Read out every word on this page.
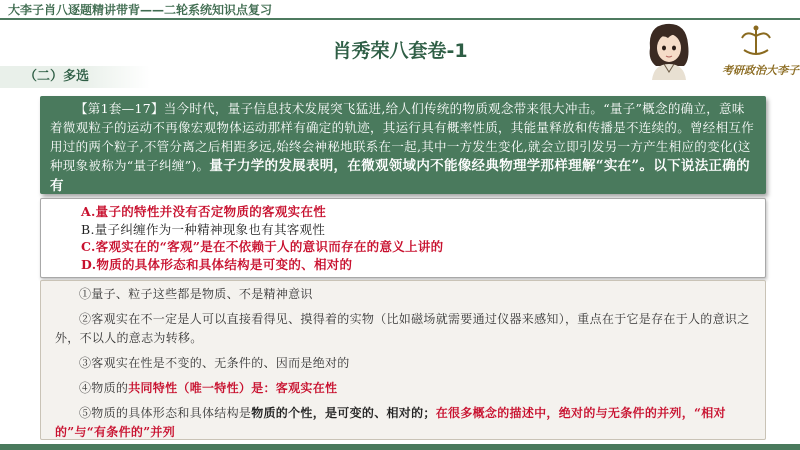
大李子肖八逐题精讲带背——二轮系统知识点复习
考研政治大李子
肖秀荣八套卷-1
（二）多选

【第1套—17】当今时代，量子信息技术发展突飞猛进,给人们传统的物质观念带来很大冲击。“量子”概念的确立，意味着微观粒子的运动不再像宏观物体运动那样有确定的轨迹，其运行具有概率性质，其能量释放和传播是不连续的。曾经相互作用过的两个粒子,不管分离之后相距多远,始终会神秘地联系在一起,其中一方发生变化,就会立即引发另一方产生相应的变化(这种现象被称为“量子纠缠”)。量子力学的发展表明，在微观领域内不能像经典物理学那样理解“实在”。以下说法正确的有

A.量子的特性并没有否定物质的客观实在性
B.量子纠缠作为一种精神现象也有其客观性
C.客观实在的“客观”是在不依赖于人的意识而存在的意义上讲的
D.物质的具体形态和具体结构是可变的、相对的

①量子、粒子这些都是物质、不是精神意识

②客观实在不一定是人可以直接看得见、摸得着的实物（比如磁场就需要通过仪器来感知），重点在于它是存在于人的意识之外，不以人的意志为转移。

③客观实在性是不变的、无条件的、因而是绝对的

④物质的共同特性（唯一特性）是：客观实在性

⑤物质的具体形态和具体结构是物质的个性，是可变的、相对的；在很多概念的描述中，绝对的与无条件的并列，“相对的”与“有条件的”并列
